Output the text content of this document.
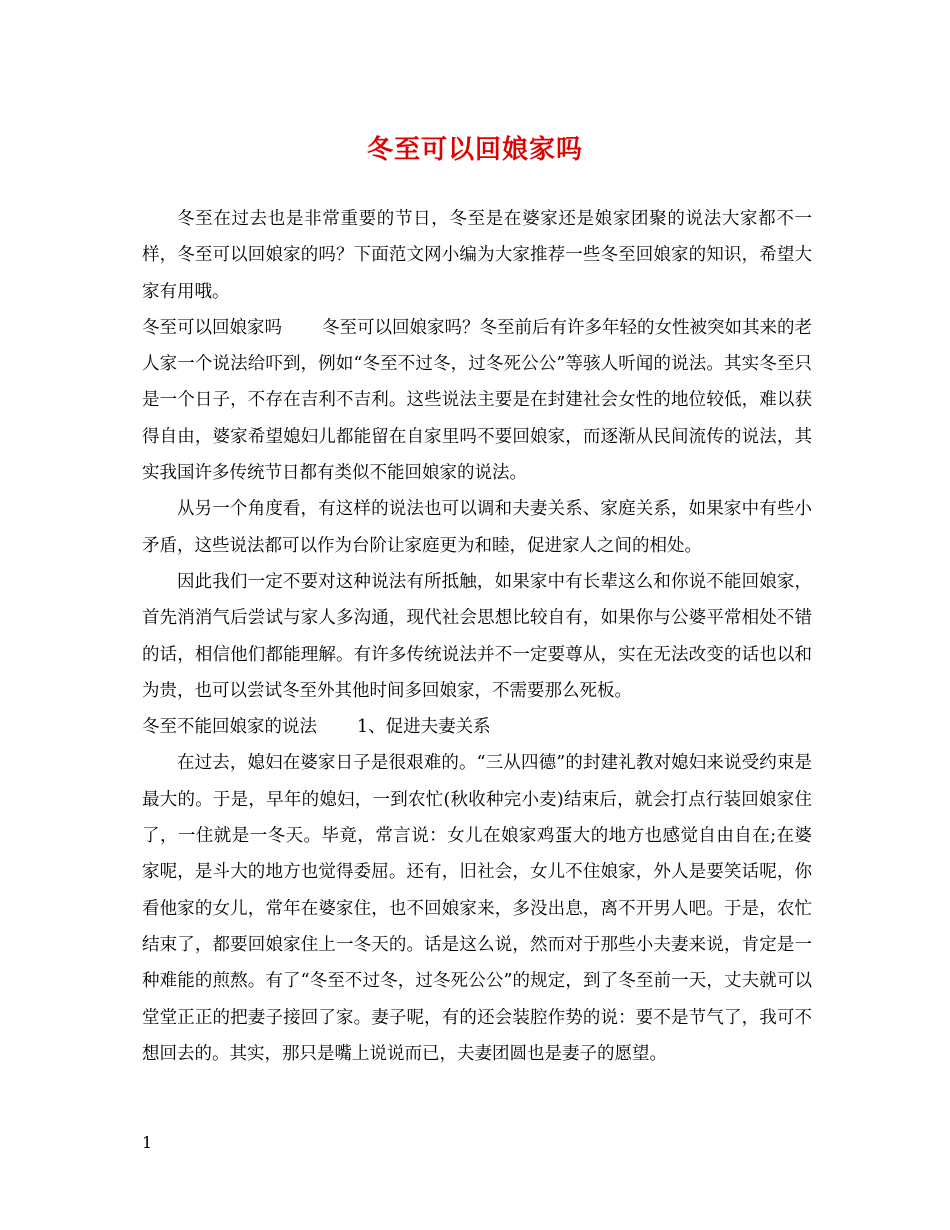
冬至可以回娘家吗

冬至在过去也是非常重要的节日，冬至是在婆家还是娘家团聚的说法大家都不一样，冬至可以回娘家的吗？下面范文网小编为大家推荐一些冬至回娘家的知识，希望大家有用哦。

冬至可以回娘家吗 冬至可以回娘家吗？冬至前后有许多年轻的女性被突如其来的老人家一个说法给吓到，例如“冬至不过冬，过冬死公公”等骇人听闻的说法。其实冬至只是一个日子，不存在吉利不吉利。这些说法主要是在封建社会女性的地位较低，难以获得自由，婆家希望媳妇儿都能留在自家里吗不要回娘家，而逐渐从民间流传的说法，其实我国许多传统节日都有类似不能回娘家的说法。

从另一个角度看，有这样的说法也可以调和夫妻关系、家庭关系，如果家中有些小矛盾，这些说法都可以作为台阶让家庭更为和睦，促进家人之间的相处。

因此我们一定不要对这种说法有所抵触，如果家中有长辈这么和你说不能回娘家，首先消消气后尝试与家人多沟通，现代社会思想比较自有，如果你与公婆平常相处不错的话，相信他们都能理解。有许多传统说法并不一定要尊从，实在无法改变的话也以和为贵，也可以尝试冬至外其他时间多回娘家，不需要那么死板。

冬至不能回娘家的说法 1、促进夫妻关系

在过去，媳妇在婆家日子是很艰难的。“三从四德”的封建礼教对媳妇来说受约束是最大的。于是，早年的媳妇，一到农忙(秋收种完小麦)结束后，就会打点行装回娘家住了，一住就是一冬天。毕竟，常言说：女儿在娘家鸡蛋大的地方也感觉自由自在;在婆家呢，是斗大的地方也觉得委屈。还有，旧社会，女儿不住娘家，外人是要笑话呢，你看他家的女儿，常年在婆家住，也不回娘家来，多没出息，离不开男人吧。于是，农忙结束了，都要回娘家住上一冬天的。话是这么说，然而对于那些小夫妻来说，肯定是一种难能的煎熬。有了“冬至不过冬，过冬死公公”的规定，到了冬至前一天，丈夫就可以堂堂正正的把妻子接回了家。妻子呢，有的还会装腔作势的说：要不是节气了，我可不想回去的。其实，那只是嘴上说说而已，夫妻团圆也是妻子的愿望。

1
